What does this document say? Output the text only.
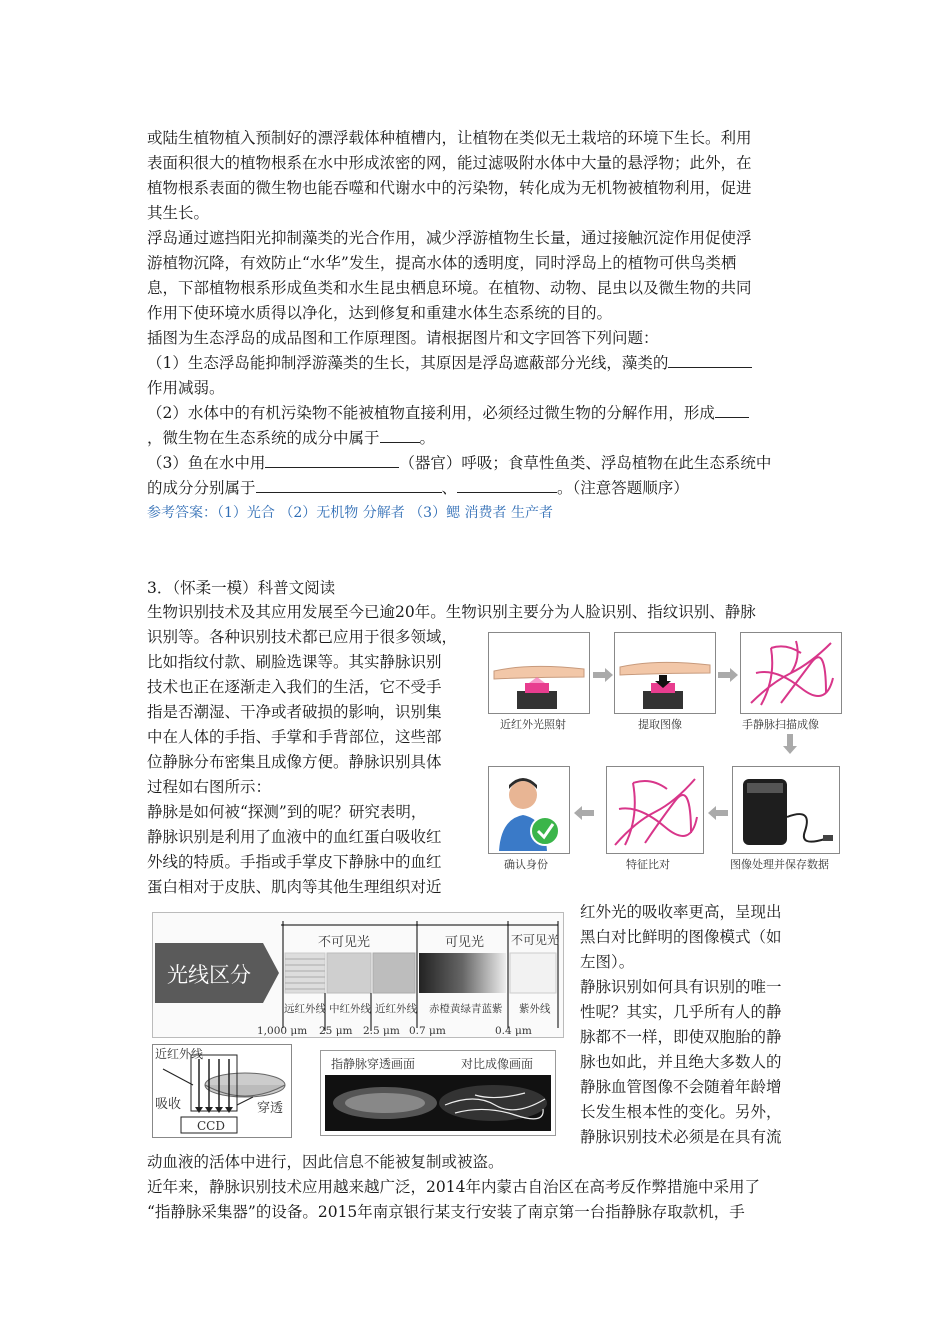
或陆生植物植入预制好的漂浮载体种植槽内，让植物在类似无土栽培的环境下生长。利用
表面积很大的植物根系在水中形成浓密的网，能过滤吸附水体中大量的悬浮物；此外，在
植物根系表面的微生物也能吞噬和代谢水中的污染物，转化成为无机物被植物利用，促进
其生长。
浮岛通过遮挡阳光抑制藻类的光合作用，减少浮游植物生长量，通过接触沉淀作用促使浮
游植物沉降，有效防止“水华”发生，提高水体的透明度，同时浮岛上的植物可供鸟类栖
息，下部植物根系形成鱼类和水生昆虫栖息环境。在植物、动物、昆虫以及微生物的共同
作用下使环境水质得以净化，达到修复和重建水体生态系统的目的。
插图为生态浮岛的成品图和工作原理图。请根据图片和文字回答下列问题：
（1）生态浮岛能抑制浮游藻类的生长，其原因是浮岛遮蔽部分光线，藻类的
作用减弱。
（2）水体中的有机污染物不能被植物直接利用，必须经过微生物的分解作用，形成
，微生物在生态系统的成分中属于	。
（3）鱼在水中用	（器官）呼吸；食草性鱼类、浮岛植物在此生态系统中
的成分分别属于	、	。（注意答题顺序）
参考答案：（1）光合 （2）无机物 分解者 （3）鳃 消费者 生产者
3．（怀柔一模）科普文阅读
生物识别技术及其应用发展至今已逾20年。生物识别主要分为人脸识别、指纹识别、静脉
识别等。各种识别技术都已应用于很多领域，
比如指纹付款、刷脸选课等。其实静脉识别
技术也正在逐渐走入我们的生活，它不受手
指是否潮湿、干净或者破损的影响，识别集
中在人体的手指、手掌和手背部位，这些部
位静脉分布密集且成像方便。静脉识别具体
过程如右图所示：
静脉是如何被“探测”到的呢？研究表明，
静脉识别是利用了血液中的血红蛋白吸收红
外线的特质。手指或手掌皮下静脉中的血红
蛋白相对于皮肤、肌肉等其他生理组织对近
红外光的吸收率更高，呈现出
黑白对比鲜明的图像模式（如
左图）。
静脉识别如何具有识别的唯一
性呢？其实，几乎所有人的静
脉都不一样，即使双胞胎的静
脉也如此，并且绝大多数人的
静脉血管图像不会随着年龄增
长发生根本性的变化。另外，
静脉识别技术必须是在具有流
动血液的活体中进行，因此信息不能被复制或被盗。
近年来，静脉识别技术应用越来越广泛，2014年内蒙古自治区在高考反作弊措施中采用了
“指静脉采集器”的设备。2015年南京银行某支行安装了南京第一台指静脉存取款机，手
近红外光照射	提取图像	手静脉扫描成像
确认身份	特征比对	图像处理并保存数据
光线区分
不可见光	可见光 不可见光
远红外线 中红外线 近红外线 赤橙黄绿青蓝紫 紫外线
1,000 μm 25 μm 2.5 μm 0.7 μm	0.4 μm
近红外线
吸收	穿透
CCD
指静脉穿透画面	对比成像画面
